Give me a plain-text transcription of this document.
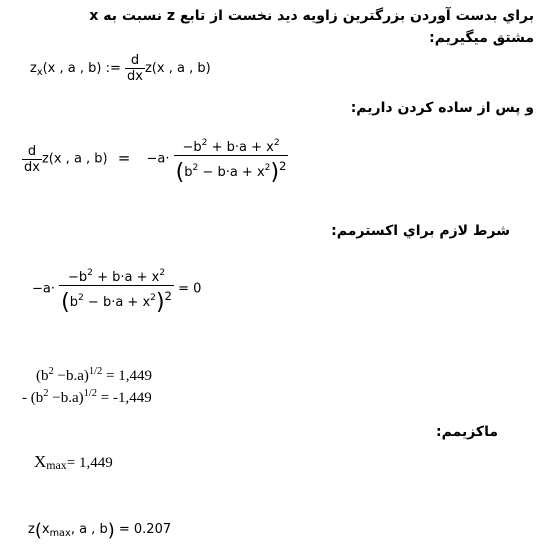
براي بدست آوردن بزرگترين زاويه ديد نخست از تابع z نسبت به x
مشتق ميگيريم:
$z_x(x$ , a , b) := $\frac{d}{dx} z(x$ , a , b)
و پس از ساده كردن داريم:
$\frac{d}{dx} z(x$ , a , $b) = -a\cdot \frac{-b^2 + b\cdot a + x^2}{(b^2 - b\cdot a + x^2)^2}$
شرط لازم براي اكسترمم:
$-a\cdot \frac{-b^2 + b\cdot a + x^2}{(b^2 - b\cdot a + x^2)^2} = 0$
$(b^2 -b.a)^{1/2} = 1,449$
- $(b^2 -b.a)^{1/2} = -1,449$
ماكزيمم:
$X_{max}= 1,449$
$z(x_{max}$, a , b) = 0.207
